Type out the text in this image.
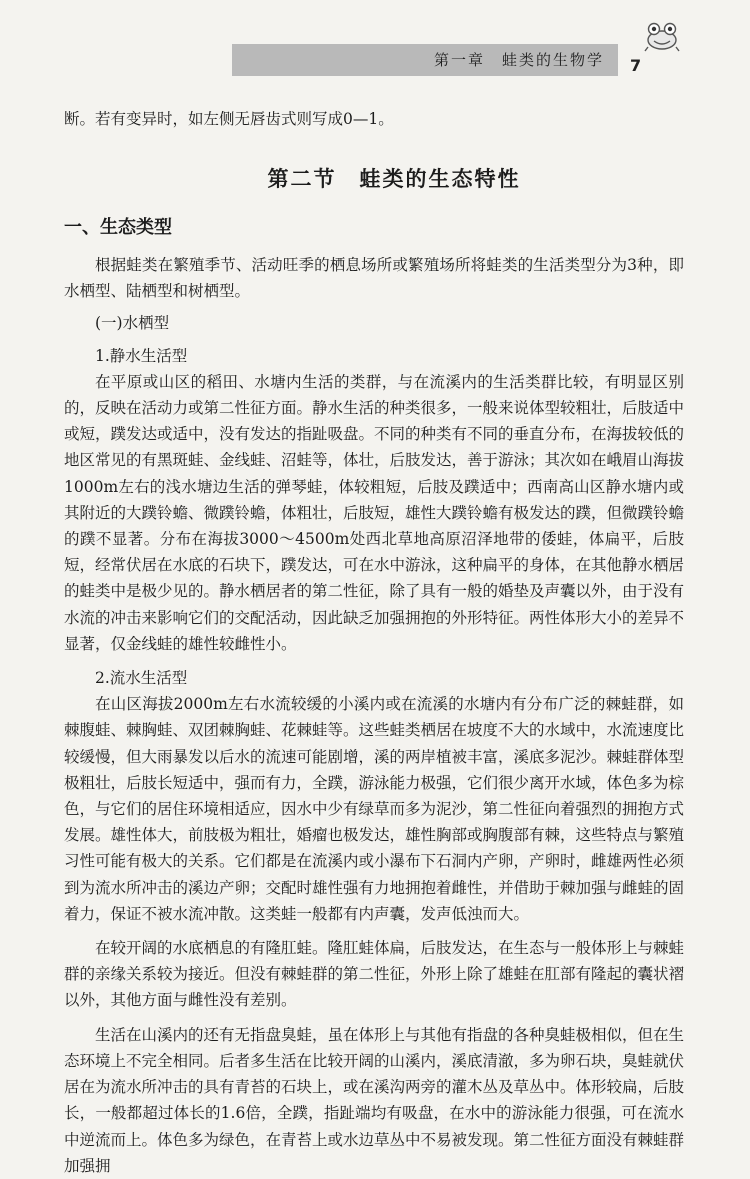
第一章　蛙类的生物学 7

断。若有变异时，如左侧无唇齿式则写成0—1。

第二节　蛙类的生态特性

一、生态类型

根据蛙类在繁殖季节、活动旺季的栖息场所或繁殖场所将蛙类的生活类型分为3种，即水栖型、陆栖型和树栖型。

(一)水栖型

1.静水生活型

在平原或山区的稻田、水塘内生活的类群，与在流溪内的生活类群比较，有明显区别的，反映在活动力或第二性征方面。静水生活的种类很多，一般来说体型较粗壮，后肢适中或短，蹼发达或适中，没有发达的指趾吸盘。不同的种类有不同的垂直分布，在海拔较低的地区常见的有黑斑蛙、金线蛙、沼蛙等，体壮，后肢发达，善于游泳；其次如在峨眉山海拔1000m左右的浅水塘边生活的弹琴蛙，体较粗短，后肢及蹼适中；西南高山区静水塘内或其附近的大蹼铃蟾、微蹼铃蟾，体粗壮，后肢短，雄性大蹼铃蟾有极发达的蹼，但微蹼铃蟾的蹼不显著。分布在海拔3000～4500m处西北草地高原沼泽地带的倭蛙，体扁平，后肢短，经常伏居在水底的石块下，蹼发达，可在水中游泳，这种扁平的身体，在其他静水栖居的蛙类中是极少见的。静水栖居者的第二性征，除了具有一般的婚垫及声囊以外，由于没有水流的冲击来影响它们的交配活动，因此缺乏加强拥抱的外形特征。两性体形大小的差异不显著，仅金线蛙的雄性较雌性小。

2.流水生活型

在山区海拔2000m左右水流较缓的小溪内或在流溪的水塘内有分布广泛的棘蛙群，如棘腹蛙、棘胸蛙、双团棘胸蛙、花棘蛙等。这些蛙类栖居在坡度不大的水域中，水流速度比较缓慢，但大雨暴发以后水的流速可能剧增，溪的两岸植被丰富，溪底多泥沙。棘蛙群体型极粗壮，后肢长短适中，强而有力，全蹼，游泳能力极强，它们很少离开水域，体色多为棕色，与它们的居住环境相适应，因水中少有绿草而多为泥沙，第二性征向着强烈的拥抱方式发展。雄性体大，前肢极为粗壮，婚瘤也极发达，雄性胸部或胸腹部有棘，这些特点与繁殖习性可能有极大的关系。它们都是在流溪内或小瀑布下石洞内产卵，产卵时，雌雄两性必须到为流水所冲击的溪边产卵；交配时雄性强有力地拥抱着雌性，并借助于棘加强与雌蛙的固着力，保证不被水流冲散。这类蛙一般都有内声囊，发声低浊而大。

在较开阔的水底栖息的有隆肛蛙。隆肛蛙体扁，后肢发达，在生态与一般体形上与棘蛙群的亲缘关系较为接近。但没有棘蛙群的第二性征，外形上除了雄蛙在肛部有隆起的囊状褶以外，其他方面与雌性没有差别。

生活在山溪内的还有无指盘臭蛙，虽在体形上与其他有指盘的各种臭蛙极相似，但在生态环境上不完全相同。后者多生活在比较开阔的山溪内，溪底清澈，多为卵石块，臭蛙就伏居在为流水所冲击的具有青苔的石块上，或在溪沟两旁的灌木丛及草丛中。体形较扁，后肢长，一般都超过体长的1.6倍，全蹼，指趾端均有吸盘，在水中的游泳能力很强，可在流水中逆流而上。体色多为绿色，在青苔上或水边草丛中不易被发现。第二性征方面没有棘蛙群加强拥
